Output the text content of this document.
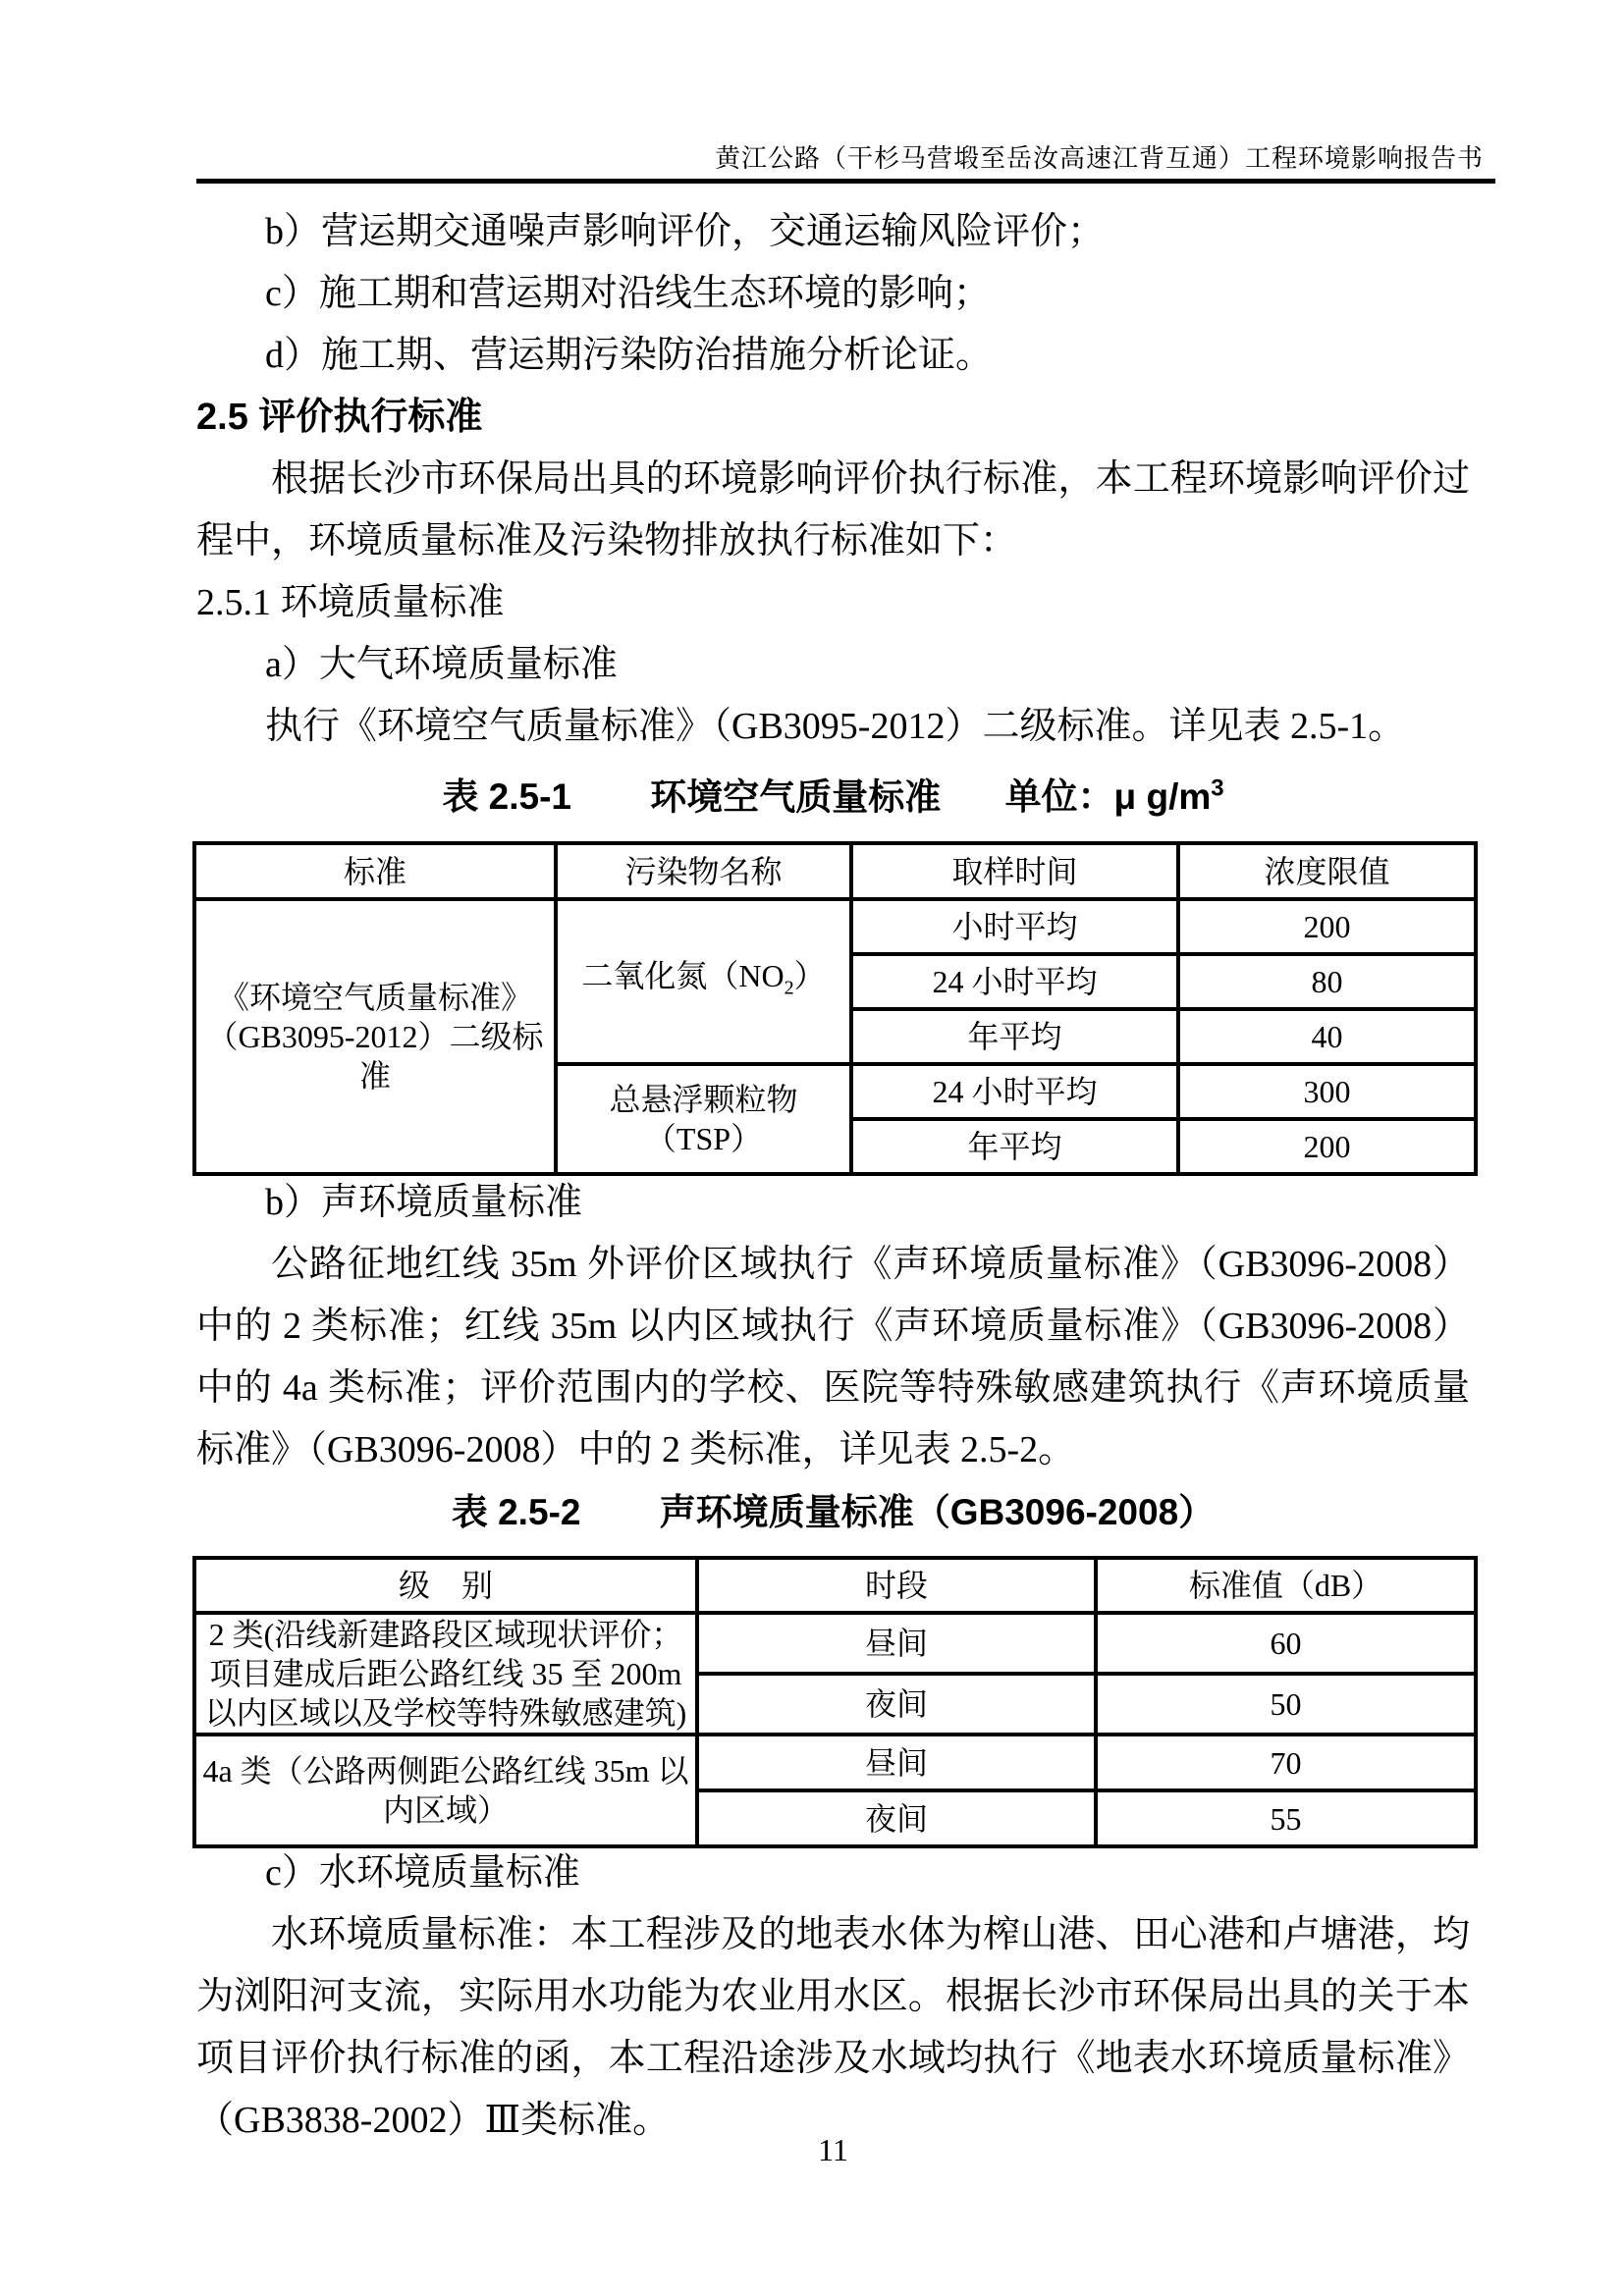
黄江公路（干杉马营塅至岳汝高速江背互通）工程环境影响报告书

b）营运期交通噪声影响评价，交通运输风险评价；

c）施工期和营运期对沿线生态环境的影响；

d）施工期、营运期污染防治措施分析论证。

2.5 评价执行标准

根据长沙市环保局出具的环境影响评价执行标准，本工程环境影响评价过程中，环境质量标准及污染物排放执行标准如下：

2.5.1 环境质量标准

a）大气环境质量标准

执行《环境空气质量标准》（GB3095-2012）二级标准。详见表 2.5-1。

表 2.5-1 环境空气质量标准 单位：μ $g/m^3$

标准	污染物名称	取样时间	浓度限值
《环境空气质量标准》（GB3095-2012）二级标准	二氧化氮$(NO_2)$	小时平均	200
		24 小时平均	80
		年平均	40
	总悬浮颗粒物（TSP）	24 小时平均	300
		年平均	200

b）声环境质量标准

公路征地红线 35m 外评价区域执行《声环境质量标准》（GB3096-2008）中的 2 类标准；红线 35m 以内区域执行《声环境质量标准》（GB3096-2008）中的 4a 类标准；评价范围内的学校、医院等特殊敏感建筑执行《声环境质量标准》（GB3096-2008）中的 2 类标准，详见表 2.5-2。

表 2.5-2 声环境质量标准（GB3096-2008）

级　别	时段	标准值（dB）
2 类(沿线新建路段区域现状评价；项目建成后距公路红线 35 至 200m 以内区域以及学校等特殊敏感建筑)	昼间	60
	夜间	50
4a 类（公路两侧距公路红线 35m 以内区域）	昼间	70
	夜间	55

c）水环境质量标准

水环境质量标准：本工程涉及的地表水体为榨山港、田心港和卢塘港，均为浏阳河支流，实际用水功能为农业用水区。根据长沙市环保局出具的关于本项目评价执行标准的函，本工程沿途涉及水域均执行《地表水环境质量标准》（GB3838-2002）Ⅲ类标准。

11
